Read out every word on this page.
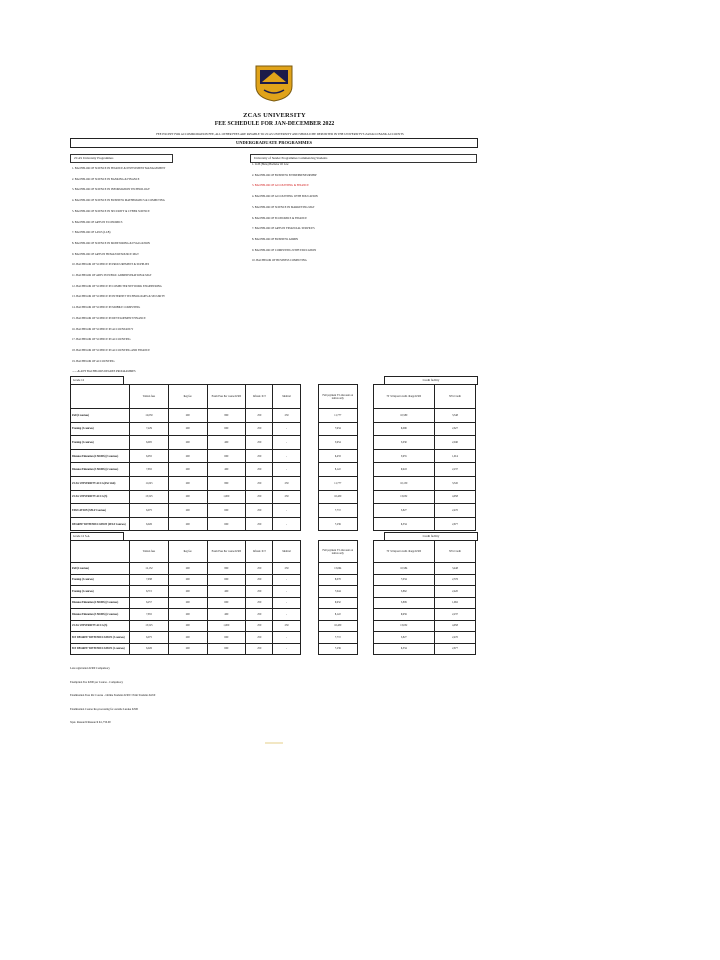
ZCAS UNIVERSITY
FEE SCHEDULE FOR JAN-DECEMBER 2022
FEE EXCEPT FOR ACCOMMODATION FEE, ALL OTHER FEES ARE PAYABLE TO ZCAS UNIVERSITY AND SHOULD BE DEPOSITED IN THE UNIVERSITY'S ZANACO BANK ACCOUNTS
UNDERGRADUATE PROGRAMMES
ZCAS University Programmes	University of Sunder Programmes Commencing Students
1. BACHELOR OF SCIENCE IN FINANCE & INVESTMENT MANAGEMENT
2. BACHELOR OF SCIENCE IN BANKING & FINANCE
3. BACHELOR OF SCIENCE IN INFORMATION TECHNOLOGY
4. BACHELOR OF SCIENCE IN BUSINESS MATHEMATICS & COMPUTING
5. BACHELOR OF SCIENCE IN SECURITY & CYBER SCIENCE
6. BACHELOR OF ARTS IN ECONOMICS
7. BACHELOR OF LAWS (LLB)
8. BACHELOR OF SCIENCE IN MONITORING & EVALUATION
9. BACHELOR OF ARTS IN HUMAN RESOURCE MGT
10. BACHELOR OF SCIENCE IN PROCUREMENT & SUPPLIES
11. BACHELOR OF ARTS IN PUBLIC ADMINISTRATION & MGT
12. BACHELOR OF SCIENCE IN COMPUTER NETWORK ENGINEERING
13. BACHELOR OF SCIENCE IN INTERNET TECHNOLOGIES & SECURITY
14. BACHELOR OF SCIENCE IN MOBILE COMPUTING
15. BACHELOR OF SCIENCE IN DEVELOPMENT FINANCE
16. BACHELOR OF SCIENCE IN ACCOUNTANCY
17. BACHELOR OF SCIENCE IN ACCOUNTING
18. BACHELOR OF SCIENCE IN ACCOUNTING AND FINANCE
19. BACHELOR OF ACCOUNTING
........& ANY BACHELORS DEGREE PROGRAMMES
1. LLB (Hons) Bachelor Of Law
2. BACHELOR OF BUSINESS ENTREPRENEURSHIP
3. BACHELOR OF ACCOUNTING & FINANCE
4. BACHELOR OF ACCOUNTING WITH EDUCATION
5. BACHELOR OF SCIENCE IN MARKETING MGT
6. BACHELOR OF ECONOMICS & FINANCE
7. BACHELOR OF ARTS IN FINANCIAL SERVICES
8. BACHELOR OF BUSINESS ADMIN
9. BACHELOR OF COMPUTING WITH EDUCATION
10. BACHELOR OF BUSINESS COMPUTING
Grade 12	Credit facility
	Tuition fees	Reg fee	Exam Fees Per course K300	Infrastr. ICT	Medical		Full payment 5% discount on tuition only		70 % Deposit credit charge K300	30% Credit
Full (4 courses)	12,050	200	800	250	250		11,777		10,580	3,548
Evening (3 courses)	7,229	200	600	250	-		7,934		6,096	2,627
Evening (2 courses)	6,005	200	400	250	-		5,954		5,030	2,040
Distance Education (4 MODS) (3 courses)	6,055	200	600	250	-		6,433		5,955	1,914
Distance Education (3 MODS) (2 courses)	7,655	200	400	250	-		8,122		6,943	2,237
ZCAS UNIVERSITY ACCA (Per Unit)	11,025	200	800	250	250		11,777		10,150	3,345
ZCAS UNIVERSITY ACCA (5)	15,525	200	1,000	250	250		16,450		13,032	4,958
EDUCATION (SELF Courses)	6,075	200	600	250	-		7,772		5,827	2,470
DEGREE WITH EDUCATION (SELF Courses)	6,026	200	600	250	-		7,239		6,334	2,677
Grade 12 S.A.	Credit facility
	Tuition fees	Reg fee	Exam Fees Per course K300	Infrastr. ICT	Medical		Full payment 5% discount on tuition only		70 % Deposit credit charge K300	30% Credit
Full (4 courses)	12,152	200	800	250	250		13,064		10,584	3,448
Evening (3 courses)	7,938	200	600	250	-		8,078		7,034	2,376
Evening (2 courses)	6,715	200	400	250	-		7,044		5,862	2,420
Distance Education (4 MODS) (3 courses)	6,257	200	600	250	-		6,932		5,809	1,962
Distance Education (3 MODS) (2 courses)	7,655	200	400	250	-		8,122		6,959	2,237
ZCAS UNIVERSITY ACCA (5)	15,525	200	1,000	250	250		16,450		13,032	4,958
B.N DEGREE WITH EDUCATION (3 courses)	6,075	200	600	250	-		7,772		5,827	2,470
B.N DEGREE WITH EDUCATION (2 courses)	6,026	200	600	250	-		7,239		6,334	2,677
Late registration K300 Compulsory
Exemption Fee K300 per Course - Compulsory
Examination Fees Per Course - Online Students K300 / Print Students K450
Examination Course Re-processing for outside Lusaka K500
Xpat. Research/Research K1,750.00
